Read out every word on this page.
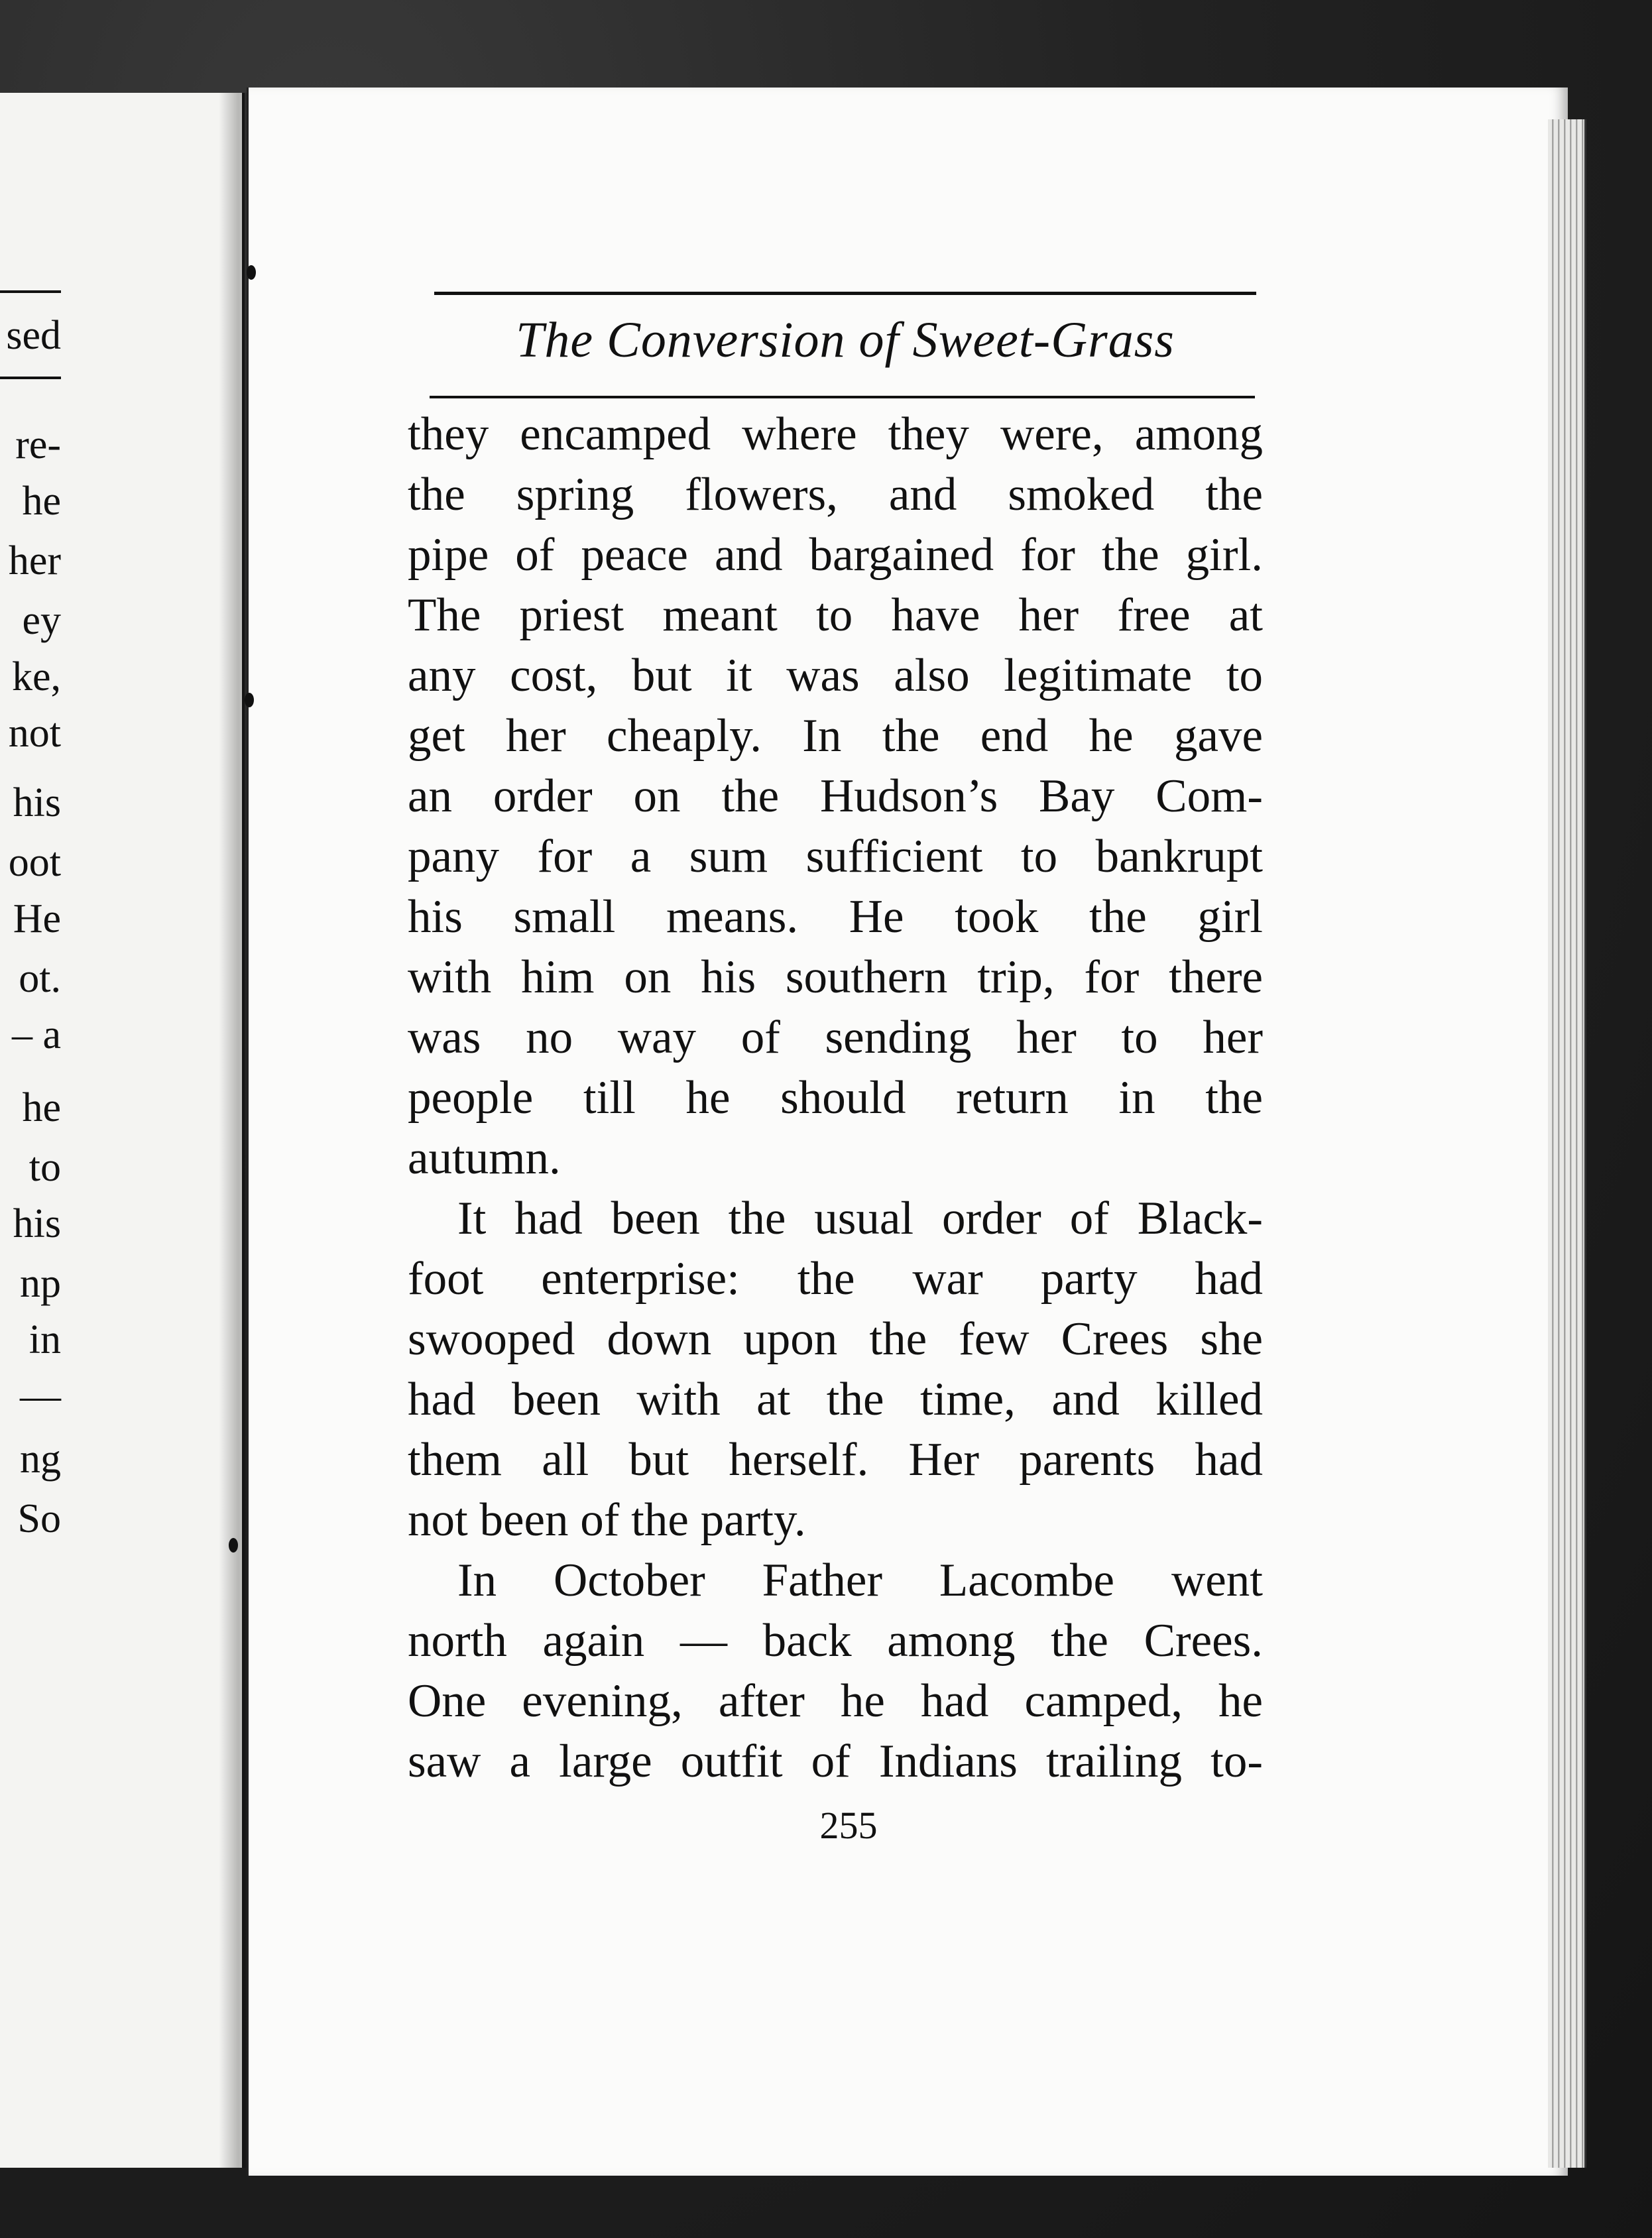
sed
re-
he
her
ey
ke,
not
his
oot
He
ot.
– a
he
to
his
np
in
—
ng
So
The Conversion of Sweet-Grass
they encamped where they were, among
the spring flowers, and smoked the
pipe of peace and bargained for the girl.
The priest meant to have her free at
any cost, but it was also legitimate to
get her cheaply. In the end he gave
an order on the Hudson’s Bay Com-
pany for a sum sufficient to bankrupt
his small means. He took the girl
with him on his southern trip, for there
was no way of sending her to her
people till he should return in the
autumn.
It had been the usual order of Black-
foot enterprise: the war party had
swooped down upon the few Crees she
had been with at the time, and killed
them all but herself. Her parents had
not been of the party.
In October Father Lacombe went
north again — back among the Crees.
One evening, after he had camped, he
saw a large outfit of Indians trailing to-
255
